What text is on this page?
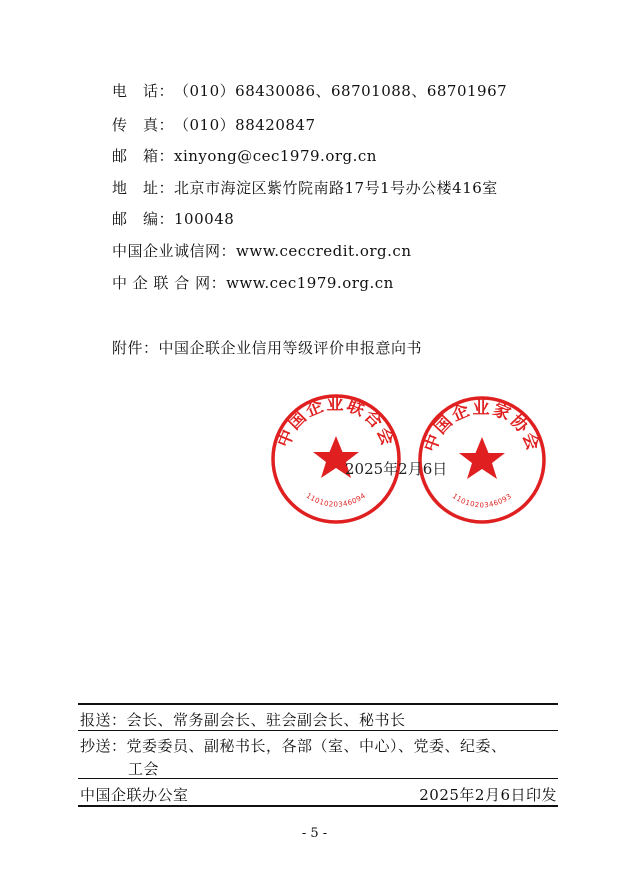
电　话：（010）68430086、68701088、68701967
传　真：（010）88420847
邮　箱：xinyong@cec1979.org.cn
地　址：北京市海淀区紫竹院南路17号1号办公楼416室
邮　编：100048
中国企业诚信网：www.ceccredit.org.cn
中 企 联 合 网：www.cec1979.org.cn
附件：中国企联企业信用等级评价申报意向书
中国企业联合会
1101020346094
中国企业家协会
1101020346093
2025年2月6日
报送：会长、常务副会长、驻会副会长、秘书长
抄送：党委委员、副秘书长，各部（室、中心）、党委、纪委、
工会
中国企联办公室	2025年2月6日印发
- 5 -
